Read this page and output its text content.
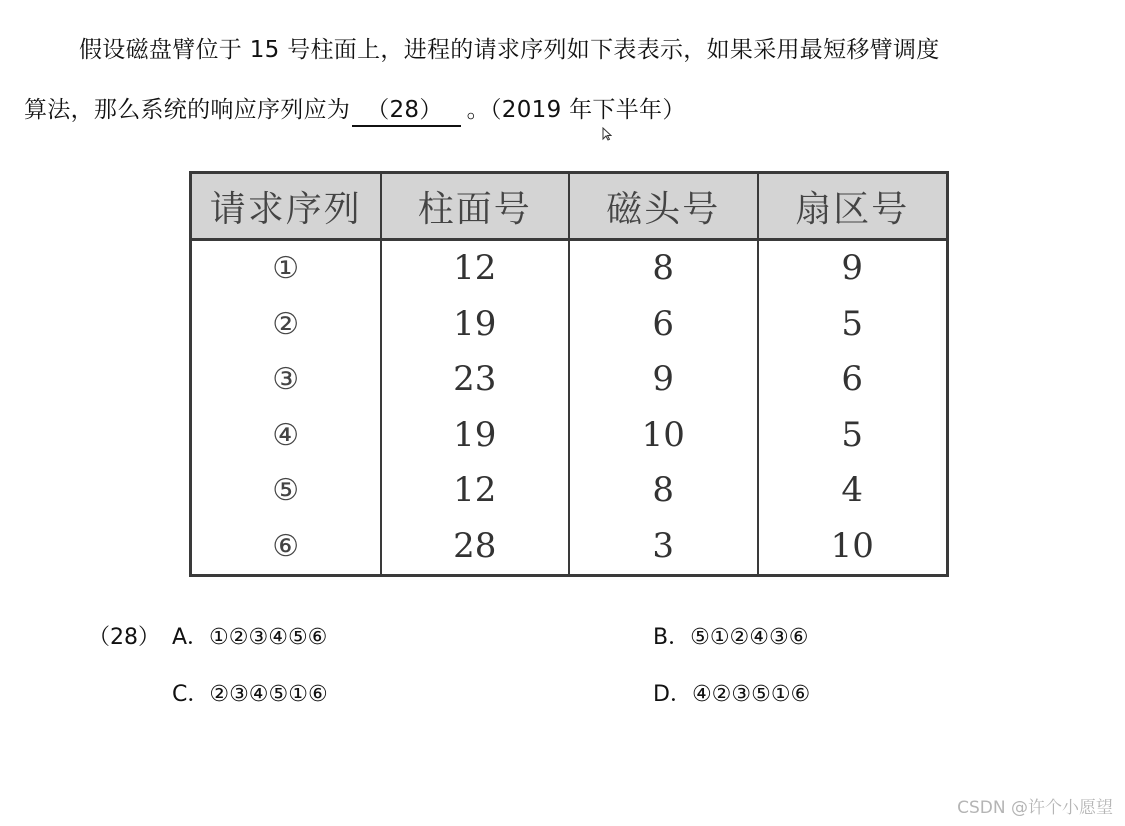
假设磁盘臂位于 15 号柱面上，进程的请求序列如下表表示，如果采用最短移臂调度
算法，那么系统的响应序列应为 （28） 。（2019 年下半年）
请求序列	柱面号	磁头号	扇区号
①	12	8	9
②	19	6	5
③	23	9	6
④	19	10	5
⑤	12	8	4
⑥	28	3	10
（28） A．①②③④⑤⑥	B．⑤①②④③⑥
C．②③④⑤①⑥	D．④②③⑤①⑥
CSDN @许个小愿望
